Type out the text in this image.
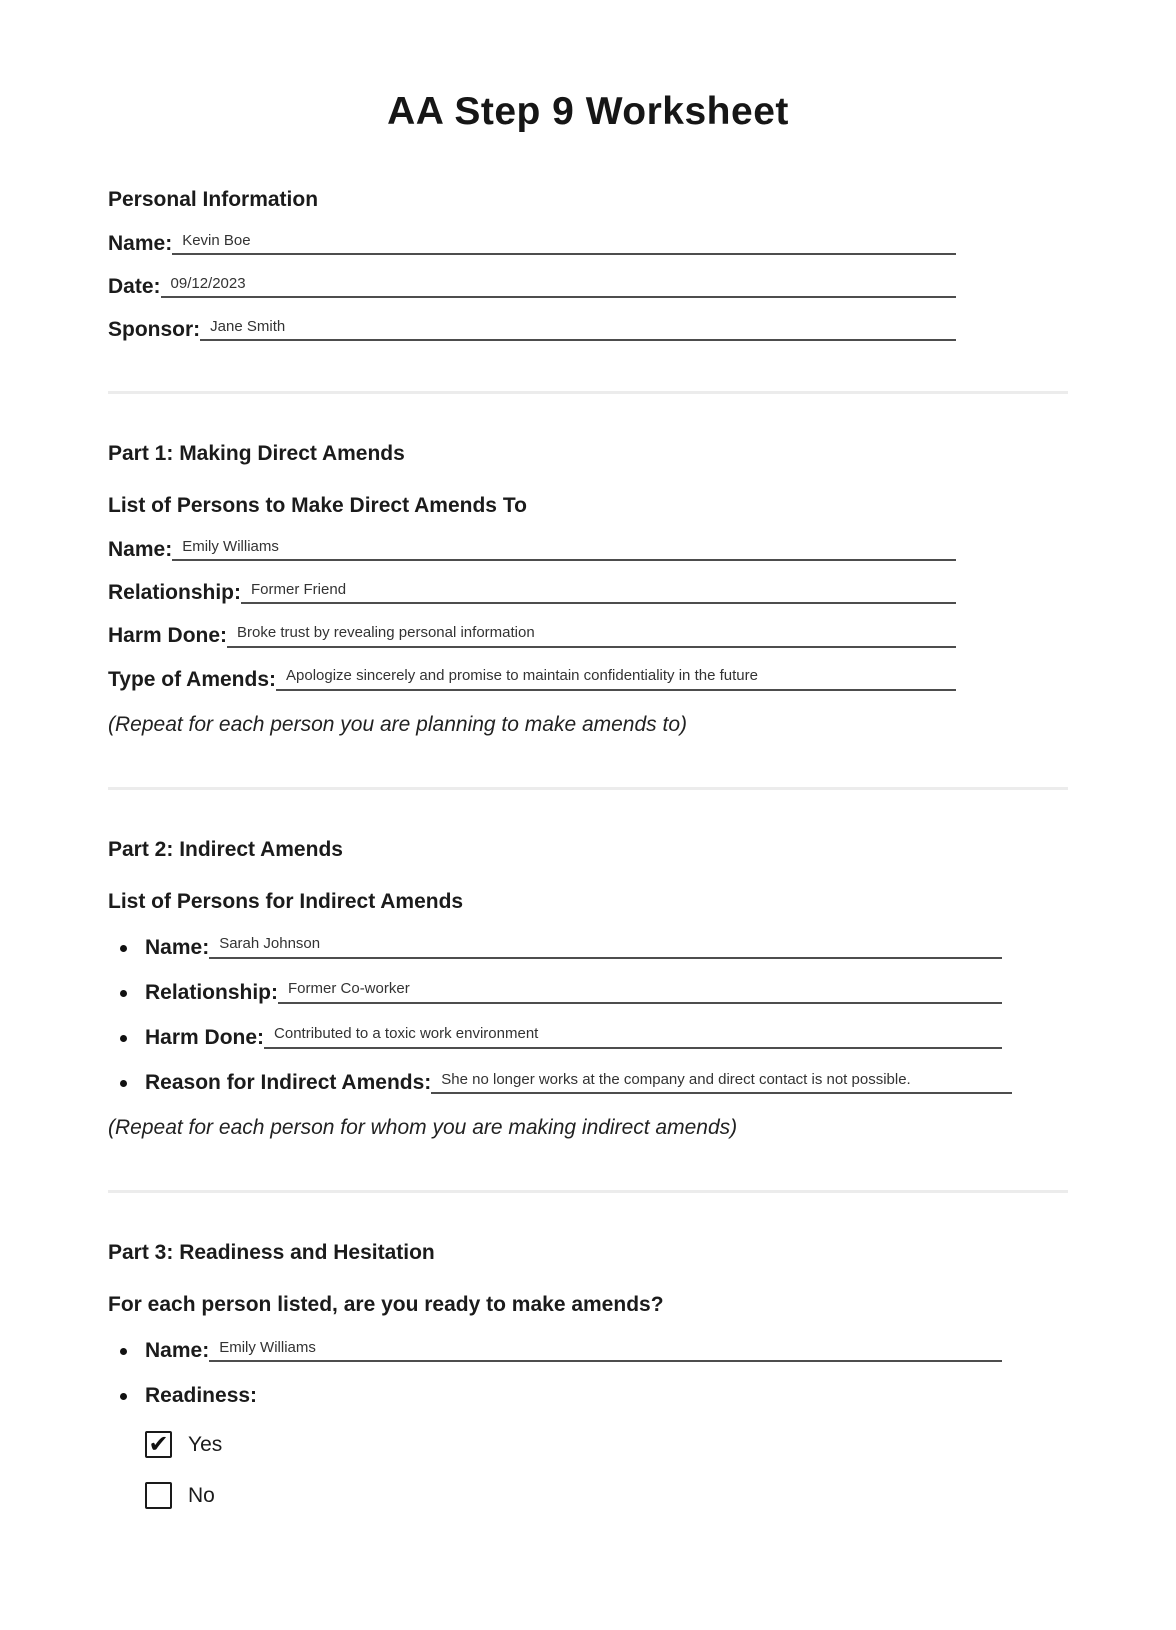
AA Step 9 Worksheet
Personal Information
Name: Kevin Boe
Date: 09/12/2023
Sponsor: Jane Smith
Part 1: Making Direct Amends
List of Persons to Make Direct Amends To
Name: Emily Williams
Relationship: Former Friend
Harm Done: Broke trust by revealing personal information
Type of Amends: Apologize sincerely and promise to maintain confidentiality in the future

(Repeat for each person you are planning to make amends to)

Part 2: Indirect Amends
List of Persons for Indirect Amends
Name: Sarah Johnson
Relationship: Former Co-worker
Harm Done: Contributed to a toxic work environment
Reason for Indirect Amends: She no longer works at the company and direct contact is not possible.

(Repeat for each person for whom you are making indirect amends)

Part 3: Readiness and Hesitation
For each person listed, are you ready to make amends?
Name: Emily Williams
Readiness:
✔ Yes
No
